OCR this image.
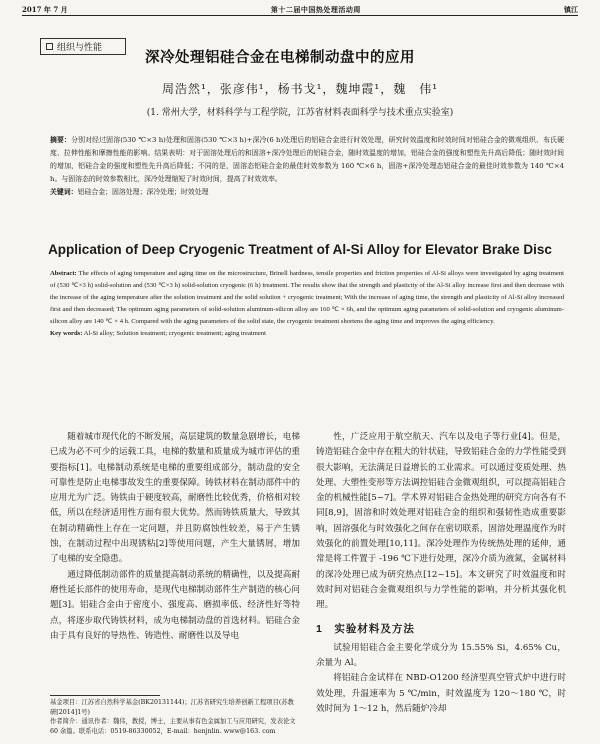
2017 年 7 月	第十二届中国热处理活动周	镇江
组织与性能
深冷处理铝硅合金在电梯制动盘中的应用
周浩然¹，张彦伟¹，杨书戈¹，魏坤霞¹，魏　伟¹
(1. 常州大学，材料科学与工程学院，江苏省材料表面科学与技术重点实验室)
摘要：分别对经过固溶(530 ℃×3 h)处理和固溶(530 ℃×3 h)+深冷(6 h)处理后的铝硅合金进行时效处理，研究时效温度和时效时间对铝硅合金的微观组织、布氏硬度、拉伸性能和摩擦性能的影响。结果表明：对于固溶处理后的和固溶+深冷处理后的铝硅合金，随时效温度的增加，铝硅合金的强度和塑性先升高后降低；随时效时间的增加，铝硅合金的强度和塑性先升高后降低；不同的是，固溶态铝硅合金的最佳时效参数为 160 ℃×6 h，固溶+深冷处理态铝硅合金的最佳时效参数为 140 ℃×4 h。与固溶态的时效参数相比，深冷处理缩短了时效时间，提高了时效效率。
关键词：铝硅合金；固溶处理；深冷处理；时效处理
Application of Deep Cryogenic Treatment of Al-Si Alloy for Elevator Brake Disc
Abstract: The effects of aging temperature and aging time on the microstructure, Brinell hardness, tensile properties and friction properties of Al-Si alloys were investigated by aging treatment of (530 ℃×3 h) solid-solution and (530 ℃×3 h) solid-solution cryogenic (6 h) treatment. The results show that the strength and plasticity of the Al-Si alloy increase first and then decrease with the increase of the aging temperature after the solution treatment and the solid solution + cryogenic treatment; With the increase of aging time, the strength and plasticity of Al-Si alloy increased first and then decreased; The optimum aging parameters of solid-solution aluminum-silicon alloy are 160 ℃ × 6h, and the optimum aging parameters of solid-solution and cryogenic aluminum-silicon alloy are 140 ℃ × 4 h. Compared with the aging parameters of the solid state, the cryogenic treatment shortens the aging time and improves the aging efficiency.
Key words: Al-Si alloy; Solution treatment; cryogenic treatment; aging treatment

随着城市现代化的不断发展，高层建筑的数量急剧增长，电梯已成为必不可少的运载工具，电梯的数量和质量成为城市评估的重要指标[1]。电梯制动系统是电梯的重要组成部分，制动盘的安全可靠性是防止电梯事故发生的重要保障。铸铁材料在制动部件中的应用尤为广泛。铸铁由于硬度较高，耐磨性比较优秀，价格相对较低，所以在经济适用性方面有很大优势。然而铸铁质量大，导致其在制动精确性上存在一定问题，并且防腐蚀性较差，易于产生锈蚀，在制动过程中出现锈粘[2]等使用问题，产生大量锈屑，增加了电梯的安全隐患。

通过降低制动部件的质量提高制动系统的精确性，以及提高耐磨性延长部件的使用寿命，是现代电梯制动部件生产制造的核心问题[3]。铝硅合金由于密度小、强度高、磨损率低、经济性好等特点，将逐步取代铸铁材料，成为电梯制动盘的首选材料。铝硅合金由于具有良好的导热性、铸造性、耐磨性以及导电

性，广泛应用于航空航天、汽车以及电子等行业[4]。但是，铸造铝硅合金中存在粗大的针状硅，导致铝硅合金的力学性能受到很大影响，无法满足日益增长的工业需求。可以通过变质处理、热处理、大塑性变形等方法调控铝硅合金微观组织，可以提高铝硅合金的机械性能[5~7]。学术界对铝硅合金热处理的研究方向各有不同[8,9]，固溶和时效处理对铝硅合金的组织和强韧性造成重要影响，固溶强化与时效强化之间存在密切联系，固溶处理温度作为时效强化的前置处理[10,11]。深冷处理作为传统热处理的延伸，通常是将工件置于 -196 ℃下进行处理，深冷介质为液氮，金属材料的深冷处理已成为研究热点[12~15]。本文研究了时效温度和时效时间对铝硅合金微观组织与力学性能的影响，并分析其强化机理。

1　实验材料及方法

试验用铝硅合金主要化学成分为 15.55% Si，4.65% Cu，余量为 Al。

将铝硅合金试样在 NBD-O1200 经济型真空管式炉中进行时效处理，升温速率为 5 ℃/min，时效温度为 120～180 ℃，时效时间为 1～12 h，然后随炉冷却

基金项目：江苏省自然科学基金(BK20131144)；江苏省研究生培养创新工程项目(苏教研[2014]1号)
作者简介：通讯作者：魏伟，教授，博士，主要从事有色金属加工与应用研究，发表论文 60 余篇。联系电话：0519-86330052，E-mail：henjnlin. www@163. com
